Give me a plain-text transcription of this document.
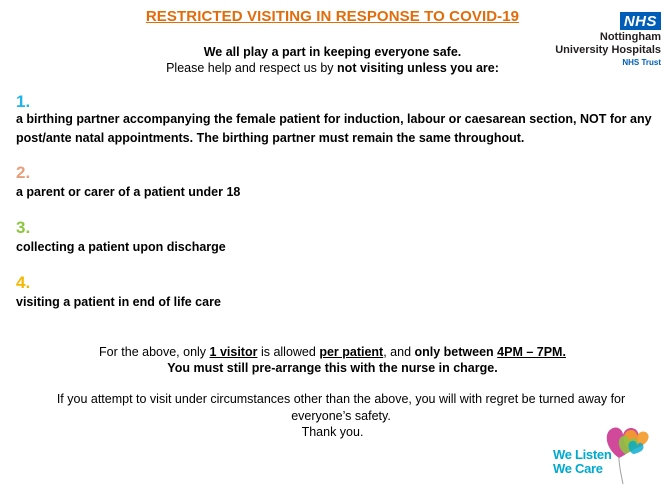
RESTRICTED VISITING IN RESPONSE TO COVID-19	NHS
Nottingham
University Hospitals
NHS Trust
We all play a part in keeping everyone safe.
Please help and respect us by not visiting unless you are:
1.
a birthing partner accompanying the female patient for induction, labour or caesarean section, NOT for any post/ante natal appointments. The birthing partner must remain the same throughout.
2.
a parent or carer of a patient under 18
3.
collecting a patient upon discharge
4.
visiting a patient in end of life care
For the above, only 1 visitor is allowed per patient, and only between 4PM – 7PM.
You must still pre-arrange this with the nurse in charge.
If you attempt to visit under circumstances other than the above, you will with regret be turned away for everyone’s safety.
Thank you.
We Listen
We Care
